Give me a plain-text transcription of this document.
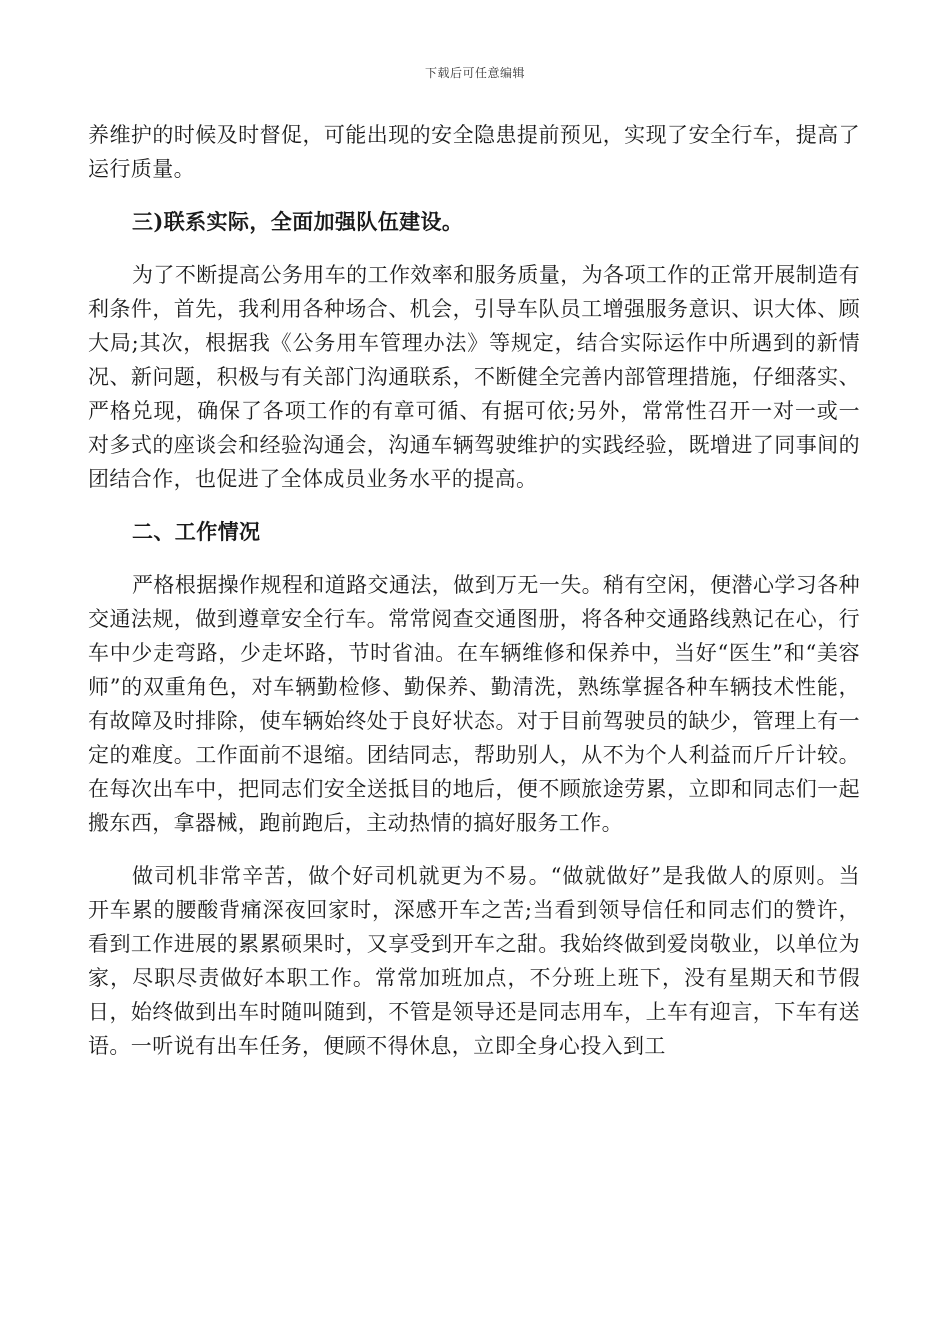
下载后可任意编辑

养维护的时候及时督促，可能出现的安全隐患提前预见，实现了安全行车，提高了运行质量。

三)联系实际，全面加强队伍建设。

为了不断提高公务用车的工作效率和服务质量，为各项工作的正常开展制造有利条件，首先，我利用各种场合、机会，引导车队员工增强服务意识、识大体、顾大局;其次，根据我《公务用车管理办法》等规定，结合实际运作中所遇到的新情况、新问题，积极与有关部门沟通联系，不断健全完善内部管理措施，仔细落实、严格兑现，确保了各项工作的有章可循、有据可依;另外，常常性召开一对一或一对多式的座谈会和经验沟通会，沟通车辆驾驶维护的实践经验，既增进了同事间的团结合作，也促进了全体成员业务水平的提高。

二、工作情况

严格根据操作规程和道路交通法，做到万无一失。稍有空闲，便潜心学习各种交通法规，做到遵章安全行车。常常阅查交通图册，将各种交通路线熟记在心，行车中少走弯路，少走坏路，节时省油。在车辆维修和保养中，当好“医生”和“美容师”的双重角色，对车辆勤检修、勤保养、勤清洗，熟练掌握各种车辆技术性能，有故障及时排除，使车辆始终处于良好状态。对于目前驾驶员的缺少，管理上有一定的难度。工作面前不退缩。团结同志，帮助别人，从不为个人利益而斤斤计较。在每次出车中，把同志们安全送抵目的地后，便不顾旅途劳累，立即和同志们一起搬东西，拿器械，跑前跑后，主动热情的搞好服务工作。

做司机非常辛苦，做个好司机就更为不易。“做就做好”是我做人的原则。当开车累的腰酸背痛深夜回家时，深感开车之苦;当看到领导信任和同志们的赞许，看到工作进展的累累硕果时，又享受到开车之甜。我始终做到爱岗敬业，以单位为家，尽职尽责做好本职工作。常常加班加点，不分班上班下，没有星期天和节假日，始终做到出车时随叫随到，不管是领导还是同志用车，上车有迎言，下车有送语。一听说有出车任务，便顾不得休息，立即全身心投入到工
